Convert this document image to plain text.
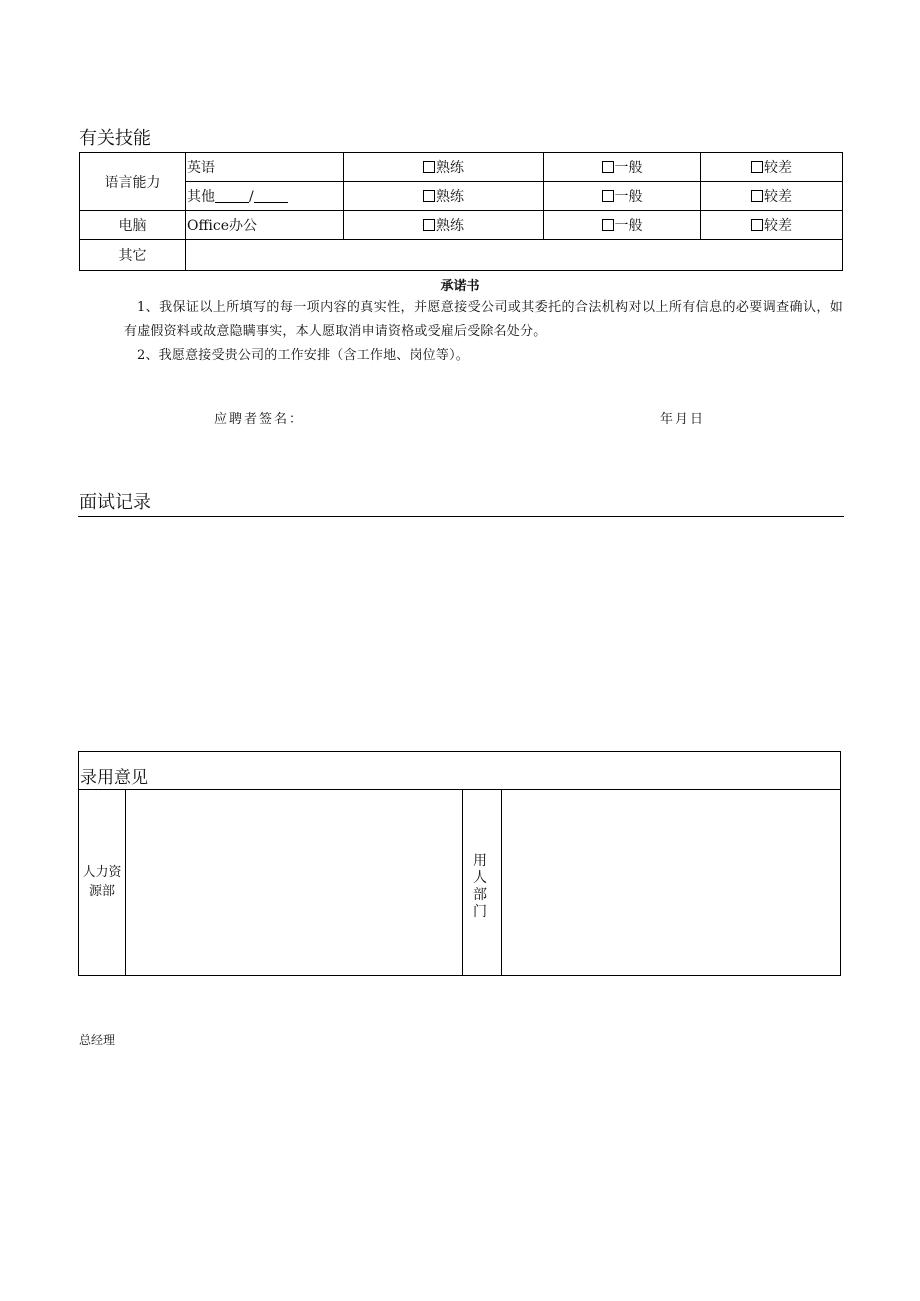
有关技能
语言能力	英语	熟练	一般	较差
	其他 /	熟练	一般	较差
电脑	Office办公	熟练	一般	较差
其它				
承诺书
1、我保证以上所填写的每一项内容的真实性，并愿意接受公司或其委托的合法机构对以上所有信息的必要调查确认，如有虚假资料或故意隐瞒事实，本人愿取消申请资格或受雇后受除名处分。
2、我愿意接受贵公司的工作安排（含工作地、岗位等）。
应聘者签名：	年月日
面试记录
录用意见
人力资源部
用人部门
总经理
